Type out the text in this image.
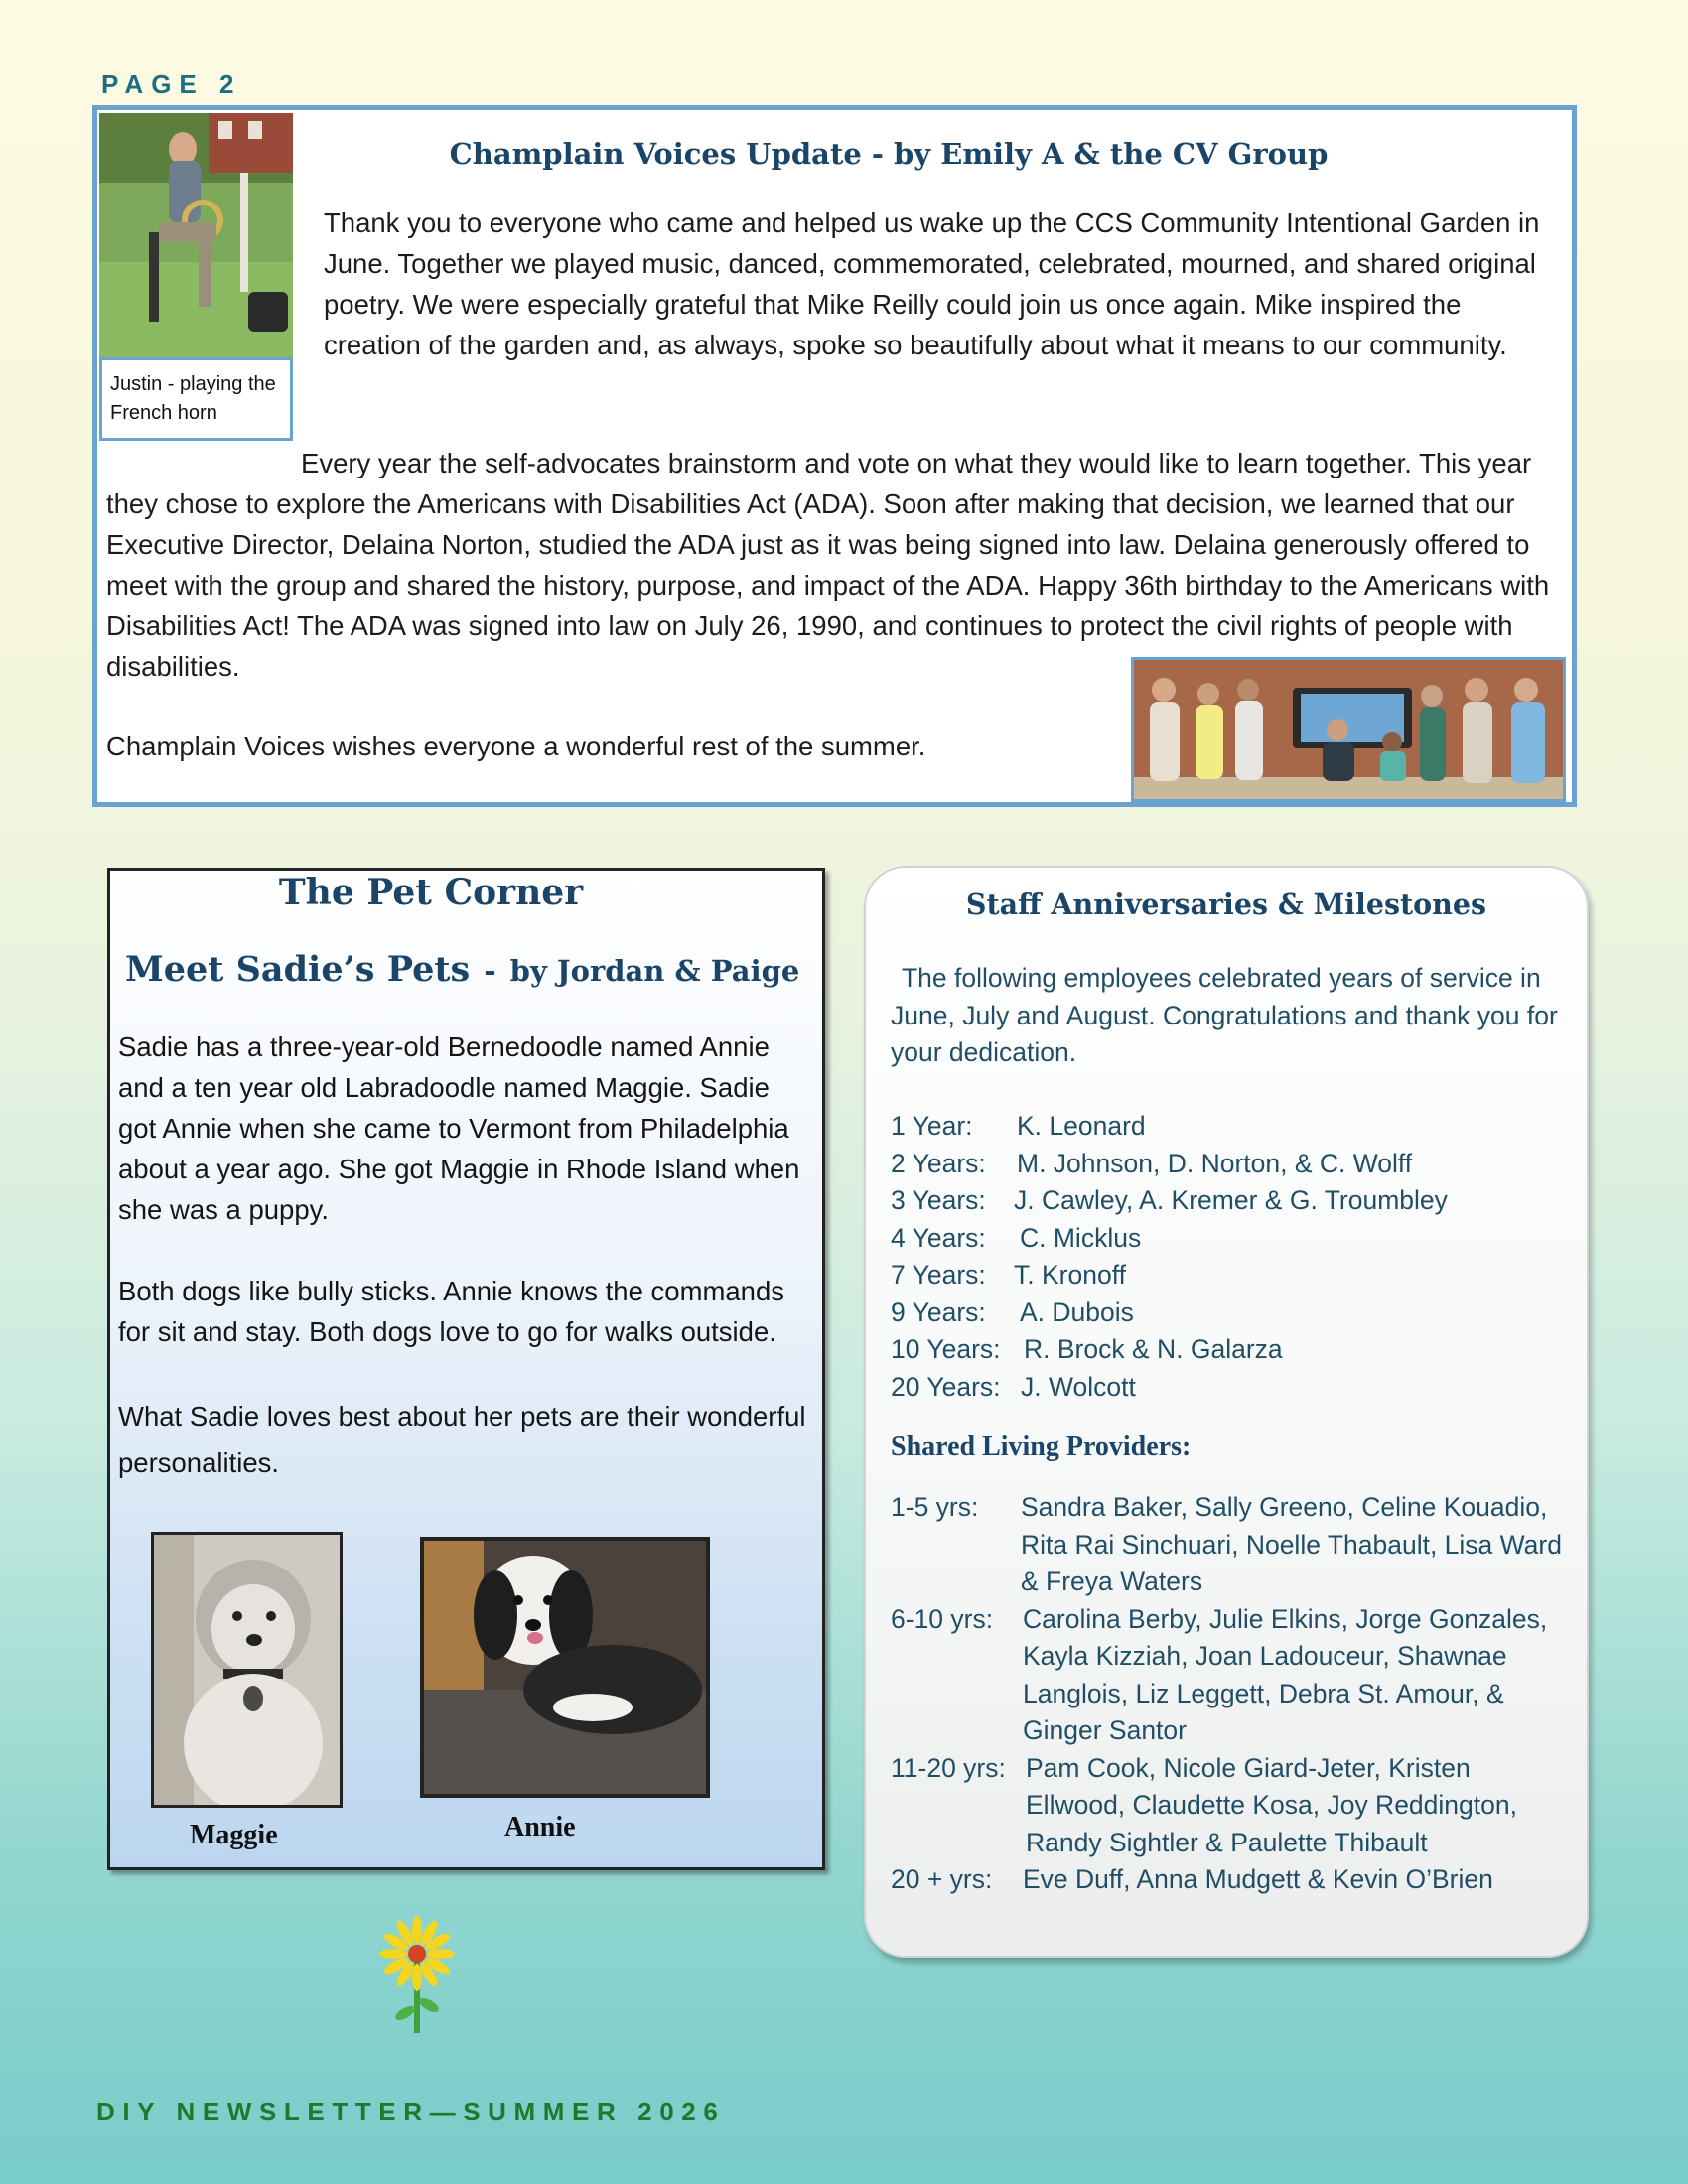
PAGE 2
Justin - playing the French horn
Champlain Voices Update - by Emily A & the CV Group
Thank you to everyone who came and helped us wake up the CCS Community Intentional Garden in June. Together we played music, danced, commemorated, celebrated, mourned, and shared original poetry. We were especially grateful that Mike Reilly could join us once again. Mike inspired the creation of the garden and, as always, spoke so beautifully about what it means to our community.
Every year the self-advocates brainstorm and vote on what they would like to learn together. This year they chose to explore the Americans with Disabilities Act (ADA). Soon after making that decision, we learned that our Executive Director, Delaina Norton, studied the ADA just as it was being signed into law. Delaina generously offered to meet with the group and shared the history, purpose, and impact of the ADA. Happy 36th birthday to the Americans with Disabilities Act! The ADA was signed into law on July 26, 1990, and continues to protect the civil rights of people with disabilities.
Champlain Voices wishes everyone a wonderful rest of the summer.
The Pet Corner
Meet Sadie’s Pets - by Jordan & Paige

Sadie has a three-year-old Bernedoodle named Annie and a ten year old Labradoodle named Maggie. Sadie got Annie when she came to Vermont from Philadelphia about a year ago. She got Maggie in Rhode Island when she was a puppy.

Both dogs like bully sticks. Annie knows the commands for sit and stay. Both dogs love to go for walks outside.

What Sadie loves best about her pets are their wonderful personalities.

Maggie	Annie
Staff Anniversaries & Milestones
The following employees celebrated years of service in June, July and August. Congratulations and thank you for your dedication.
1 Year: K. Leonard
2 Years: M. Johnson, D. Norton, & C. Wolff
3 Years: J. Cawley, A. Kremer & G. Troumbley
4 Years: C. Micklus
7 Years: T. Kronoff
9 Years: A. Dubois
10 Years: R. Brock & N. Galarza
20 Years: J. Wolcott
Shared Living Providers:
1-5 yrs:	Sandra Baker, Sally Greeno, Celine Kouadio, Rita Rai Sinchuari, Noelle Thabault, Lisa Ward & Freya Waters
6-10 yrs:	Carolina Berby, Julie Elkins, Jorge Gonzales, Kayla Kizziah, Joan Ladouceur, Shawnae Langlois, Liz Leggett, Debra St. Amour, & Ginger Santor
11-20 yrs: Pam Cook, Nicole Giard-Jeter, Kristen Ellwood, Claudette Kosa, Joy Reddington, Randy Sightler & Paulette Thibault
20 + yrs:	Eve Duff, Anna Mudgett & Kevin O’Brien
DIY NEWSLETTER—SUMMER 2026
